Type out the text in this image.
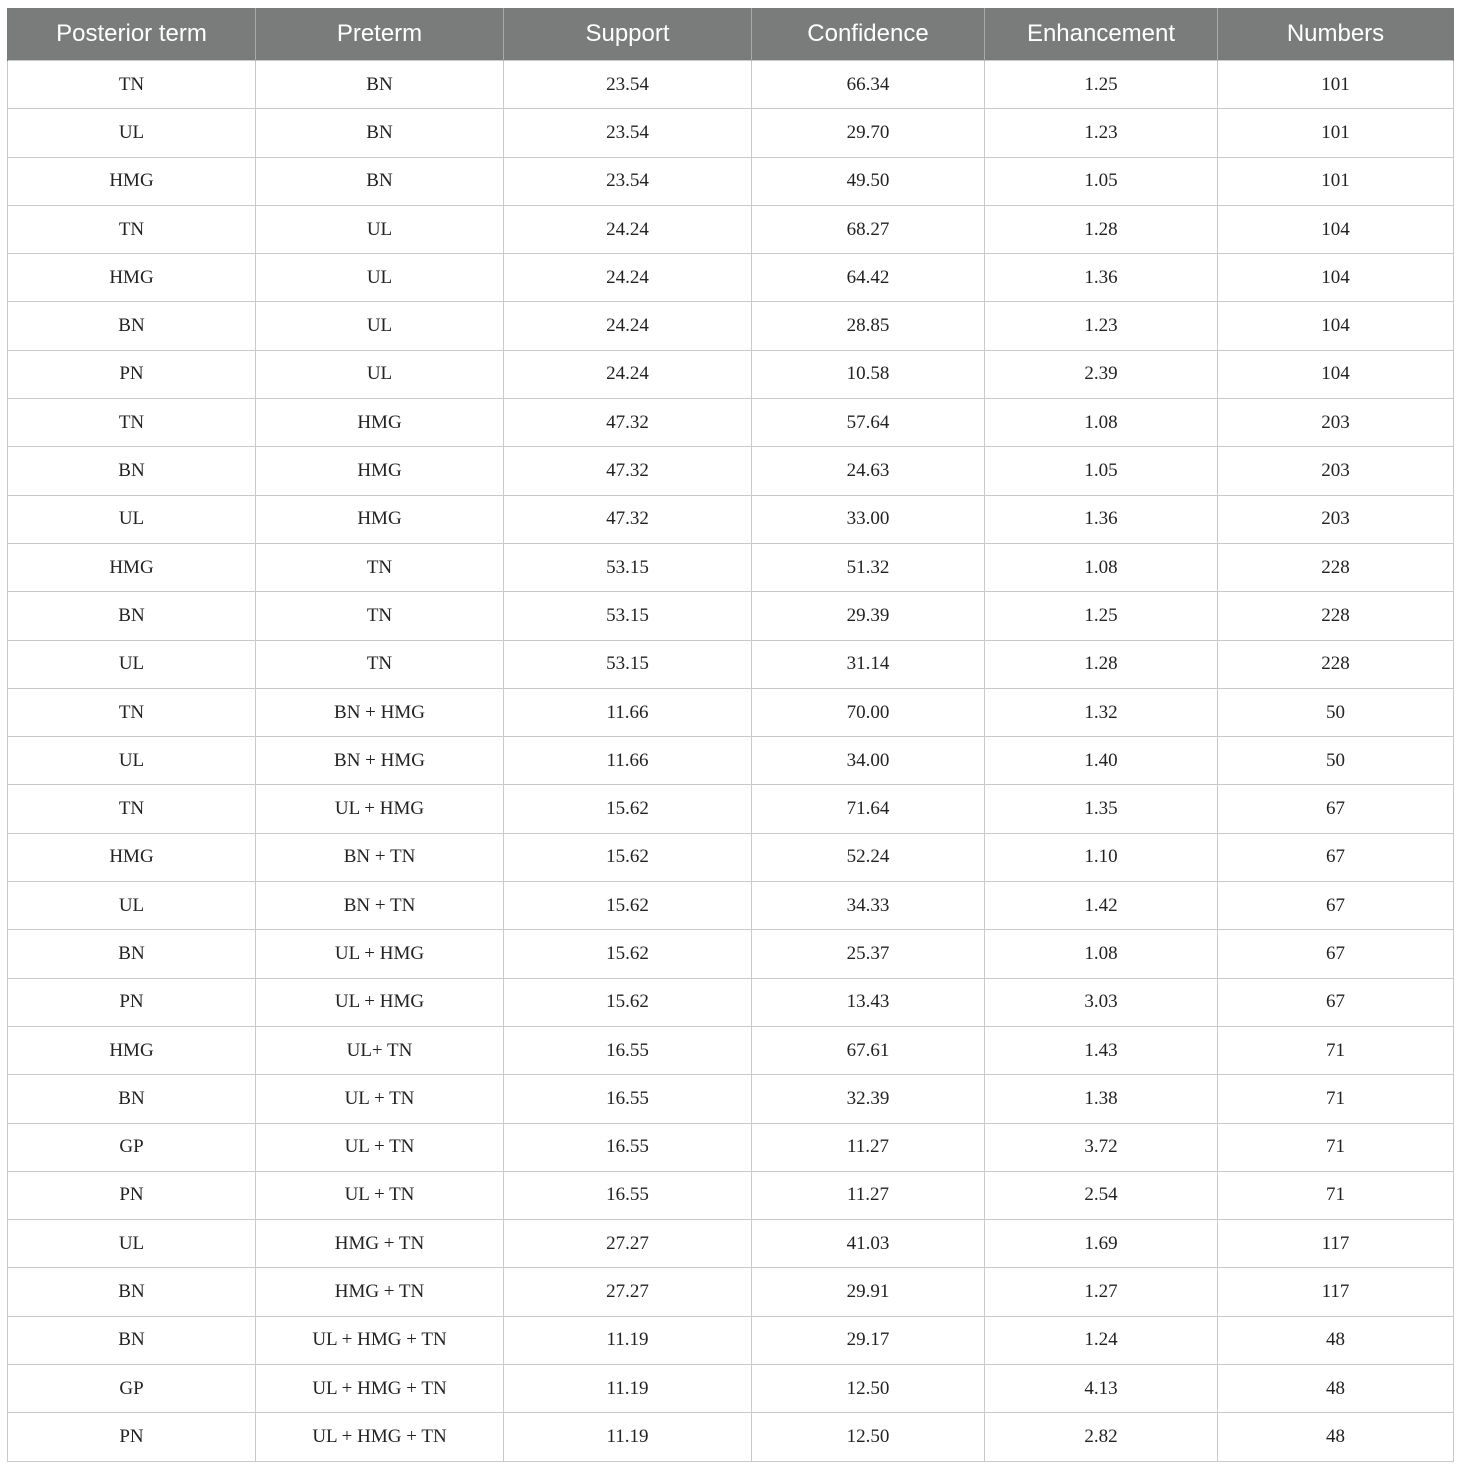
Posterior term	Preterm	Support	Confidence	Enhancement	Numbers
TN	BN	23.54	66.34	1.25	101
UL	BN	23.54	29.70	1.23	101
HMG	BN	23.54	49.50	1.05	101
TN	UL	24.24	68.27	1.28	104
HMG	UL	24.24	64.42	1.36	104
BN	UL	24.24	28.85	1.23	104
PN	UL	24.24	10.58	2.39	104
TN	HMG	47.32	57.64	1.08	203
BN	HMG	47.32	24.63	1.05	203
UL	HMG	47.32	33.00	1.36	203
HMG	TN	53.15	51.32	1.08	228
BN	TN	53.15	29.39	1.25	228
UL	TN	53.15	31.14	1.28	228
TN	BN + HMG	11.66	70.00	1.32	50
UL	BN + HMG	11.66	34.00	1.40	50
TN	UL + HMG	15.62	71.64	1.35	67
HMG	BN + TN	15.62	52.24	1.10	67
UL	BN + TN	15.62	34.33	1.42	67
BN	UL + HMG	15.62	25.37	1.08	67
PN	UL + HMG	15.62	13.43	3.03	67
HMG	UL+ TN	16.55	67.61	1.43	71
BN	UL + TN	16.55	32.39	1.38	71
GP	UL + TN	16.55	11.27	3.72	71
PN	UL + TN	16.55	11.27	2.54	71
UL	HMG + TN	27.27	41.03	1.69	117
BN	HMG + TN	27.27	29.91	1.27	117
BN	UL + HMG + TN	11.19	29.17	1.24	48
GP	UL + HMG + TN	11.19	12.50	4.13	48
PN	UL + HMG + TN	11.19	12.50	2.82	48
